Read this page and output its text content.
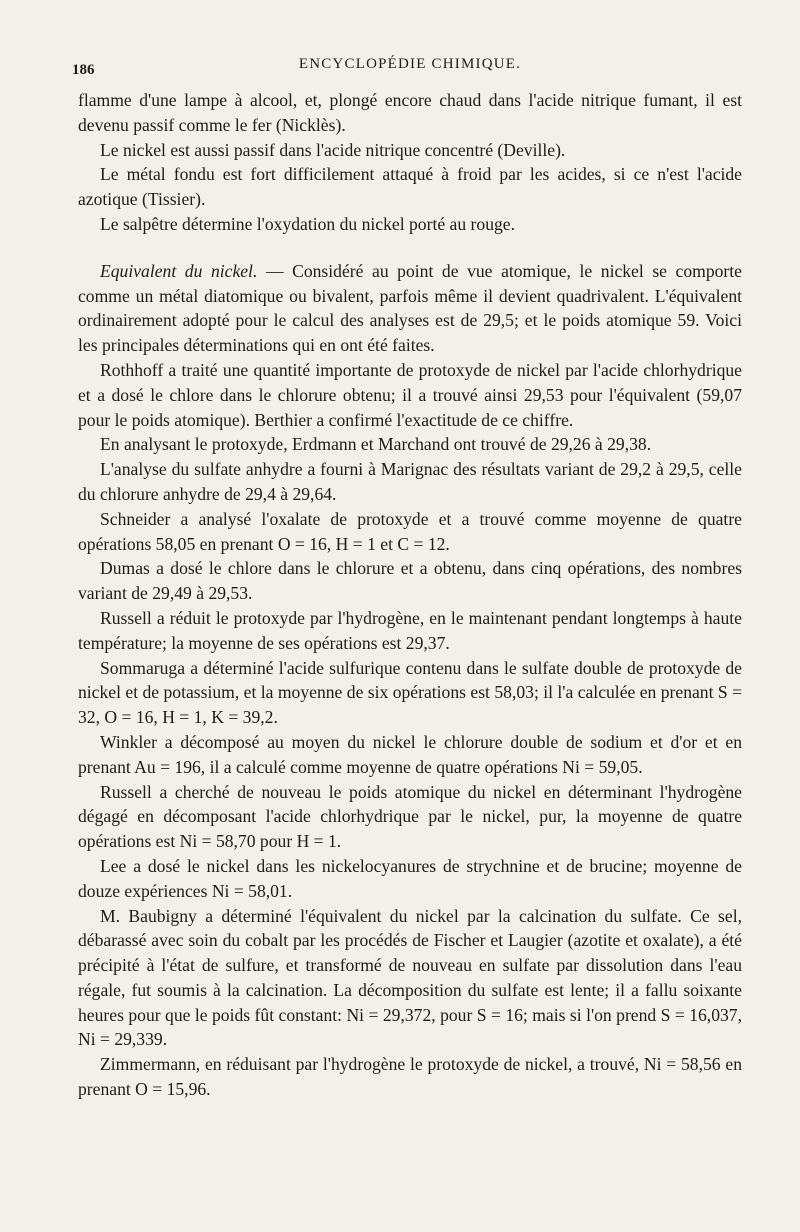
186	ENCYCLOPÉDIE CHIMIQUE.

flamme d'une lampe à alcool, et, plongé encore chaud dans l'acide nitrique fumant, il est devenu passif comme le fer (Nicklès).

Le nickel est aussi passif dans l'acide nitrique concentré (Deville).

Le métal fondu est fort difficilement attaqué à froid par les acides, si ce n'est l'acide azotique (Tissier).

Le salpêtre détermine l'oxydation du nickel porté au rouge.

Equivalent du nickel. — Considéré au point de vue atomique, le nickel se comporte comme un métal diatomique ou bivalent, parfois même il devient quadrivalent. L'équivalent ordinairement adopté pour le calcul des analyses est de 29,5; et le poids atomique 59. Voici les principales déterminations qui en ont été faites.

Rothhoff a traité une quantité importante de protoxyde de nickel par l'acide chlorhydrique et a dosé le chlore dans le chlorure obtenu; il a trouvé ainsi 29,53 pour l'équivalent (59,07 pour le poids atomique). Berthier a confirmé l'exactitude de ce chiffre.

En analysant le protoxyde, Erdmann et Marchand ont trouvé de 29,26 à 29,38.

L'analyse du sulfate anhydre a fourni à Marignac des résultats variant de 29,2 à 29,5, celle du chlorure anhydre de 29,4 à 29,64.

Schneider a analysé l'oxalate de protoxyde et a trouvé comme moyenne de quatre opérations 58,05 en prenant O = 16, H = 1 et C = 12.

Dumas a dosé le chlore dans le chlorure et a obtenu, dans cinq opérations, des nombres variant de 29,49 à 29,53.

Russell a réduit le protoxyde par l'hydrogène, en le maintenant pendant longtemps à haute température; la moyenne de ses opérations est 29,37.

Sommaruga a déterminé l'acide sulfurique contenu dans le sulfate double de protoxyde de nickel et de potassium, et la moyenne de six opérations est 58,03; il l'a calculée en prenant S = 32, O = 16, H = 1, K = 39,2.

Winkler a décomposé au moyen du nickel le chlorure double de sodium et d'or et en prenant Au = 196, il a calculé comme moyenne de quatre opérations Ni = 59,05.

Russell a cherché de nouveau le poids atomique du nickel en déterminant l'hydrogène dégagé en décomposant l'acide chlorhydrique par le nickel, pur, la moyenne de quatre opérations est Ni = 58,70 pour H = 1.

Lee a dosé le nickel dans les nickelocyanures de strychnine et de brucine; moyenne de douze expériences Ni = 58,01.

M. Baubigny a déterminé l'équivalent du nickel par la calcination du sulfate. Ce sel, débarassé avec soin du cobalt par les procédés de Fischer et Laugier (azotite et oxalate), a été précipité à l'état de sulfure, et transformé de nouveau en sulfate par dissolution dans l'eau régale, fut soumis à la calcination. La décomposition du sulfate est lente; il a fallu soixante heures pour que le poids fût constant: Ni = 29,372, pour S = 16; mais si l'on prend S = 16,037, Ni = 29,339.

Zimmermann, en réduisant par l'hydrogène le protoxyde de nickel, a trouvé, Ni = 58,56 en prenant O = 15,96.
